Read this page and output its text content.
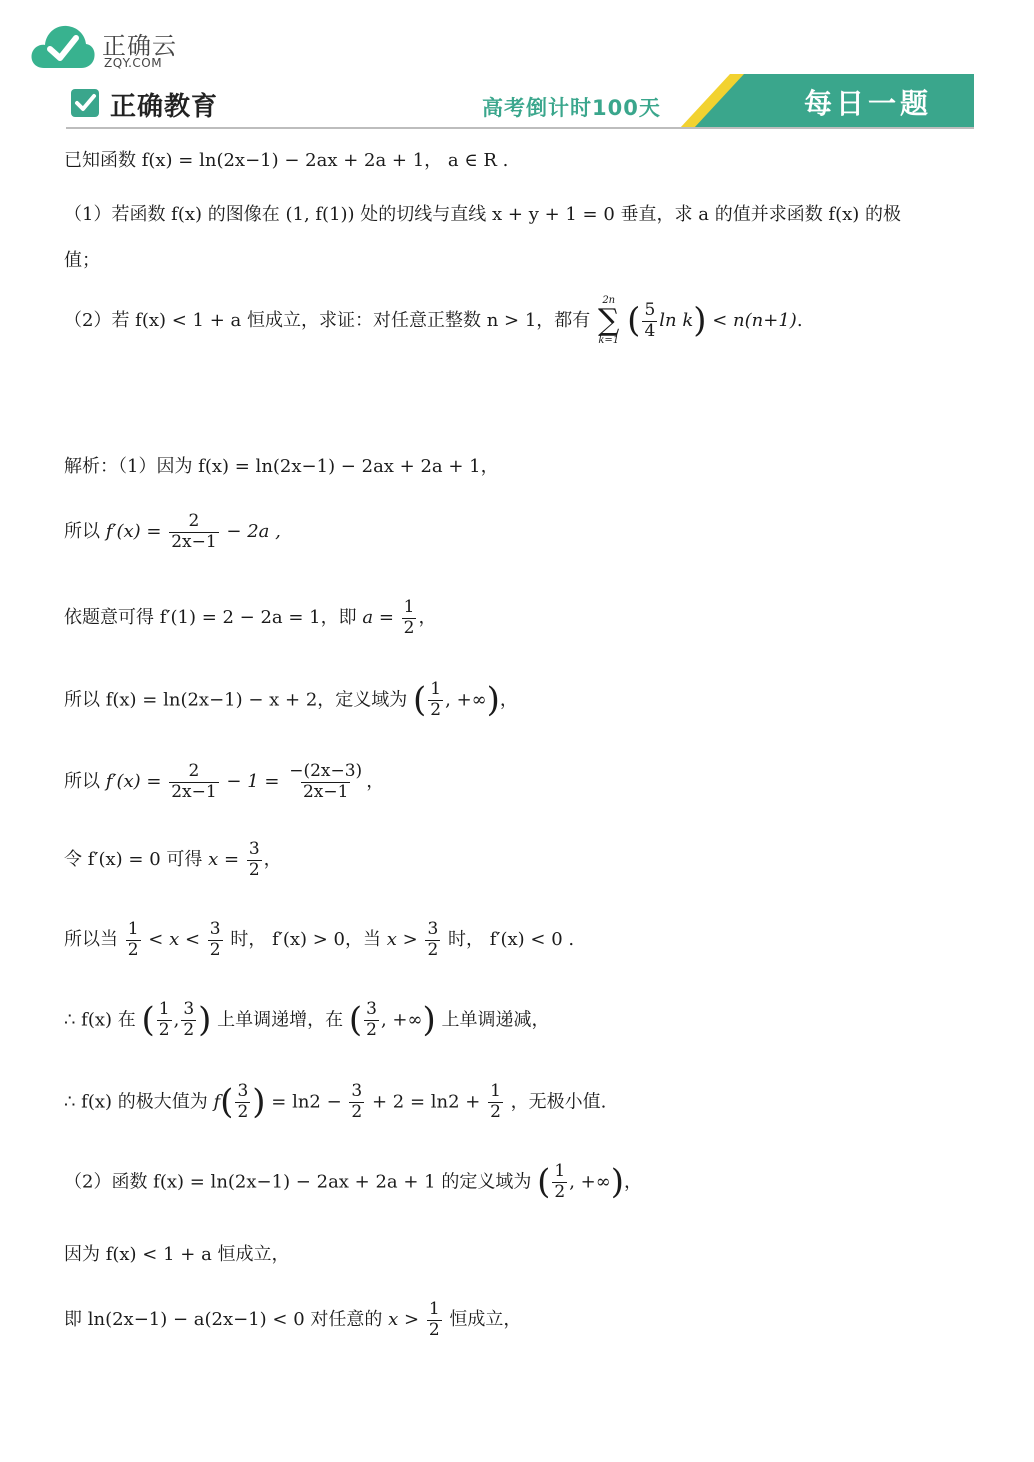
正确云
ZQY.COM
正确教育	高考倒计时100天	每日一题
已知函数 f(x) = ln(2x−1) − 2ax + 2a + 1， a ∈ R .
（1）若函数 f(x) 的图像在 (1, f(1)) 处的切线与直线 x + y + 1 = 0 垂直，求 a 的值并求函数 f(x) 的极
值；
（2）若 f(x) < 1 + a 恒成立，求证：对任意正整数 n > 1，都有
2n
∑
k=1 ( $\frac{5}{4}$ ln k) < n(n+1).
解析：（1）因为 f(x) = ln(2x−1) − 2ax + 2a + 1，
所以 $f'(x) = \frac{2}{2x-1} - 2a$ ,
依题意可得 f′(1) = 2 − 2a = 1，即 $a = \frac{1}{2}$ ，
所以 f(x) = ln(2x−1) − x + 2，定义域为 ( $\frac{1}{2}$ , +∞)，
所以 $f'(x) = \frac{2}{2x-1} - 1 = \frac{-(2x-3)}{2x-1}$ ，
令 f′(x) = 0 可得 $x = \frac{3}{2}$ ，
所以当 $\frac{1}{2} < x < \frac{3}{2}$ 时， f′(x) > 0，当 $x > \frac{3}{2}$ 时， f′(x) < 0 .
∴ f(x) 在 ( $\frac{1}{2}$ , $\frac{3}{2}$ ) 上单调递增，在 ( $\frac{3}{2}$ , +∞) 上单调递减，
∴ f(x) 的极大值为 $f( \frac{3}{2}$ ) = $\ln 2 - \frac{3}{2} + 2 = \ln 2 + \frac{1}{2}$ ，无极小值.
（2）函数 f(x) = ln(2x−1) − 2ax + 2a + 1 的定义域为 ( $\frac{1}{2}$ , +∞)，
因为 f(x) < 1 + a 恒成立，
即 ln(2x−1) − a(2x−1) < 0 对任意的 $x > \frac{1}{2}$ 恒成立，
